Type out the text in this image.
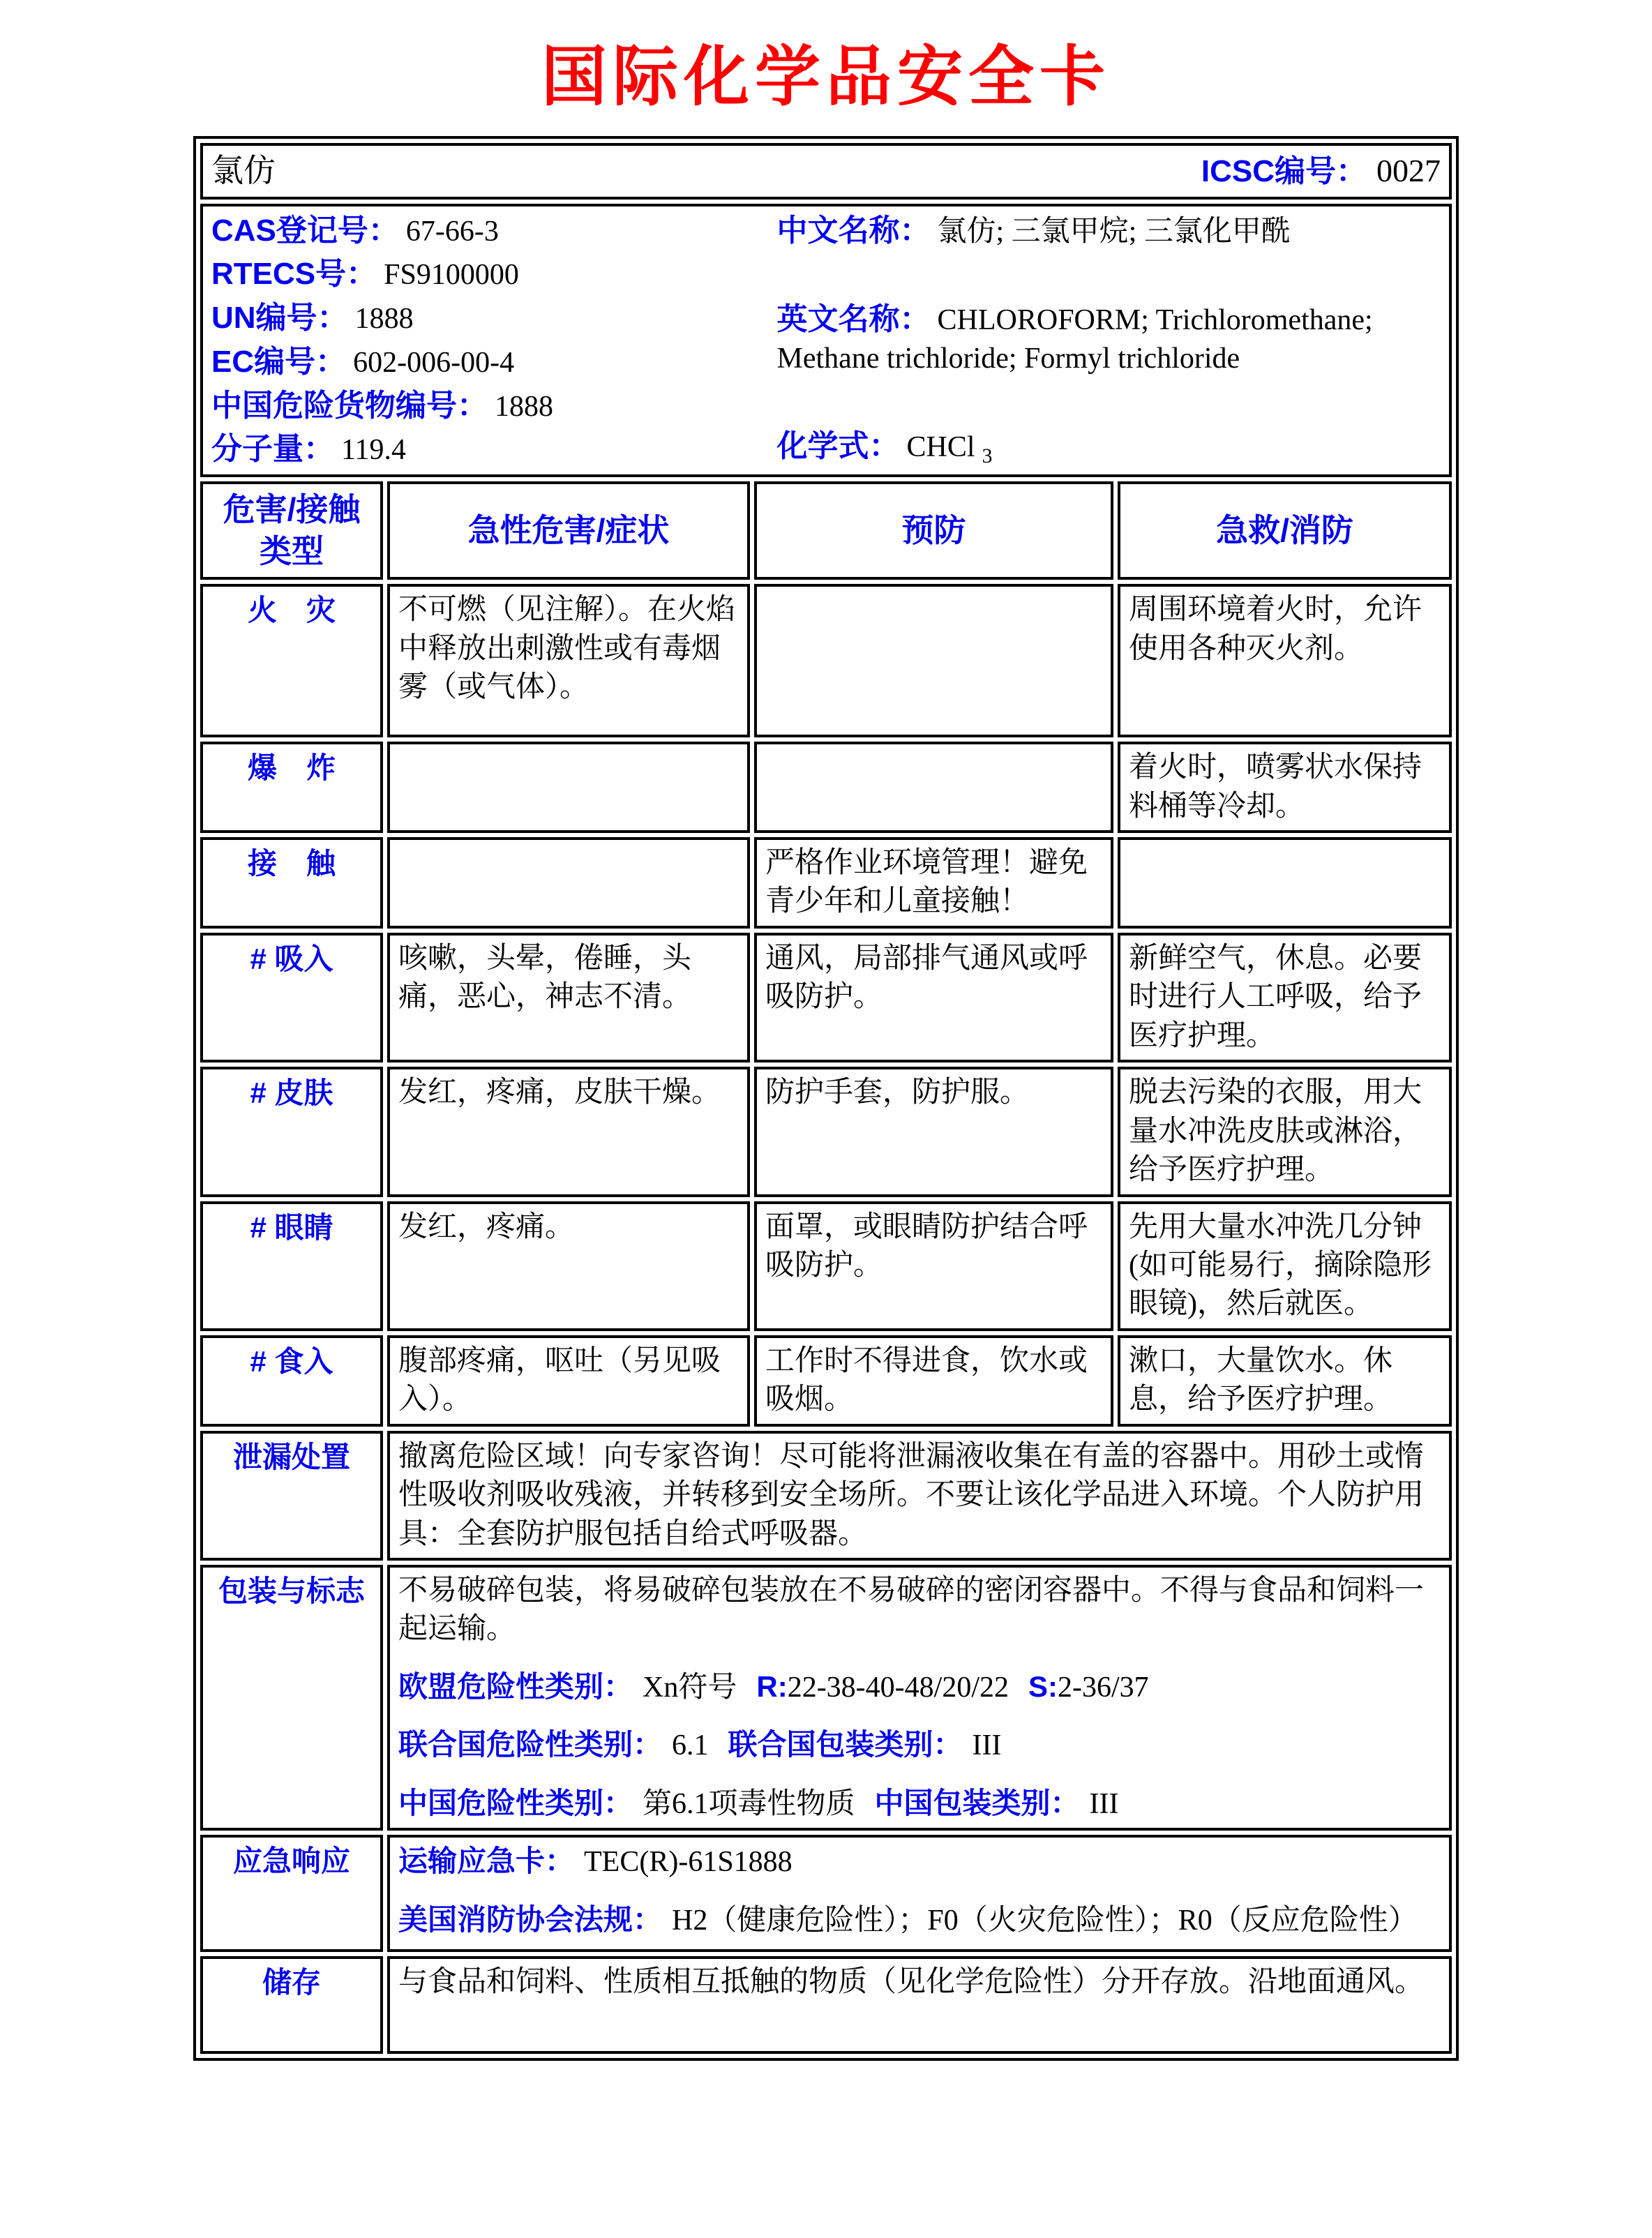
国际化学品安全卡
氯仿 ICSC编号： 0027			

CAS登记号： 67-66-3
RTECS号： FS9100000
UN编号： 1888
EC编号： 602-006-00-4
中国危险货物编号： 1888
分子量： 119.4
中文名称： 氯仿; 三氯甲烷; 三氯化甲酰
英文名称： CHLOROFORM; Trichloromethane; Methane trichloride; Formyl trichloride
化学式： CHCl $_3$

危害/接触类型	急性危害/症状	预防	急救/消防
火　灾	不可燃（见注解）。在火焰中释放出刺激性或有毒烟雾（或气体）。		周围环境着火时，允许使用各种灭火剂。
爆　炸			着火时，喷雾状水保持料桶等冷却。
接　触		严格作业环境管理！避免青少年和儿童接触！	
# 吸入	咳嗽，头晕，倦睡，头痛，恶心，神志不清。	通风，局部排气通风或呼吸防护。	新鲜空气，休息。必要时进行人工呼吸，给予医疗护理。
# 皮肤	发红，疼痛，皮肤干燥。	防护手套，防护服。	脱去污染的衣服，用大量水冲洗皮肤或淋浴，给予医疗护理。
# 眼睛	发红，疼痛。	面罩，或眼睛防护结合呼吸防护。	先用大量水冲洗几分钟(如可能易行，摘除隐形眼镜)，然后就医。
# 食入	腹部疼痛，呕吐（另见吸入）。	工作时不得进食，饮水或吸烟。	漱口，大量饮水。休息，给予医疗护理。
泄漏处置	撤离危险区域！向专家咨询！尽可能将泄漏液收集在有盖的容器中。用砂土或惰性吸收剂吸收残液，并转移到安全场所。不要让该化学品进入环境。个人防护用具：全套防护服包括自给式呼吸器。		
包装与标志	不易破碎包装，将易破碎包装放在不易破碎的密闭容器中。不得与食品和饲料一起运输。
欧盟危险性类别： Xn符号 R:22-38-40-48/20/22 S:2-36/37
联合国危险性类别： 6.1 联合国包装类别： III
中国危险性类别： 第6.1项毒性物质 中国包装类别： III		

应急响应	运输应急卡： TEC(R)-61S1888
美国消防协会法规： H2（健康危险性）；F0（火灾危险性）；R0（反应危险性）		

储存	与食品和饲料、性质相互抵触的物质（见化学危险性）分开存放。沿地面通风。		
